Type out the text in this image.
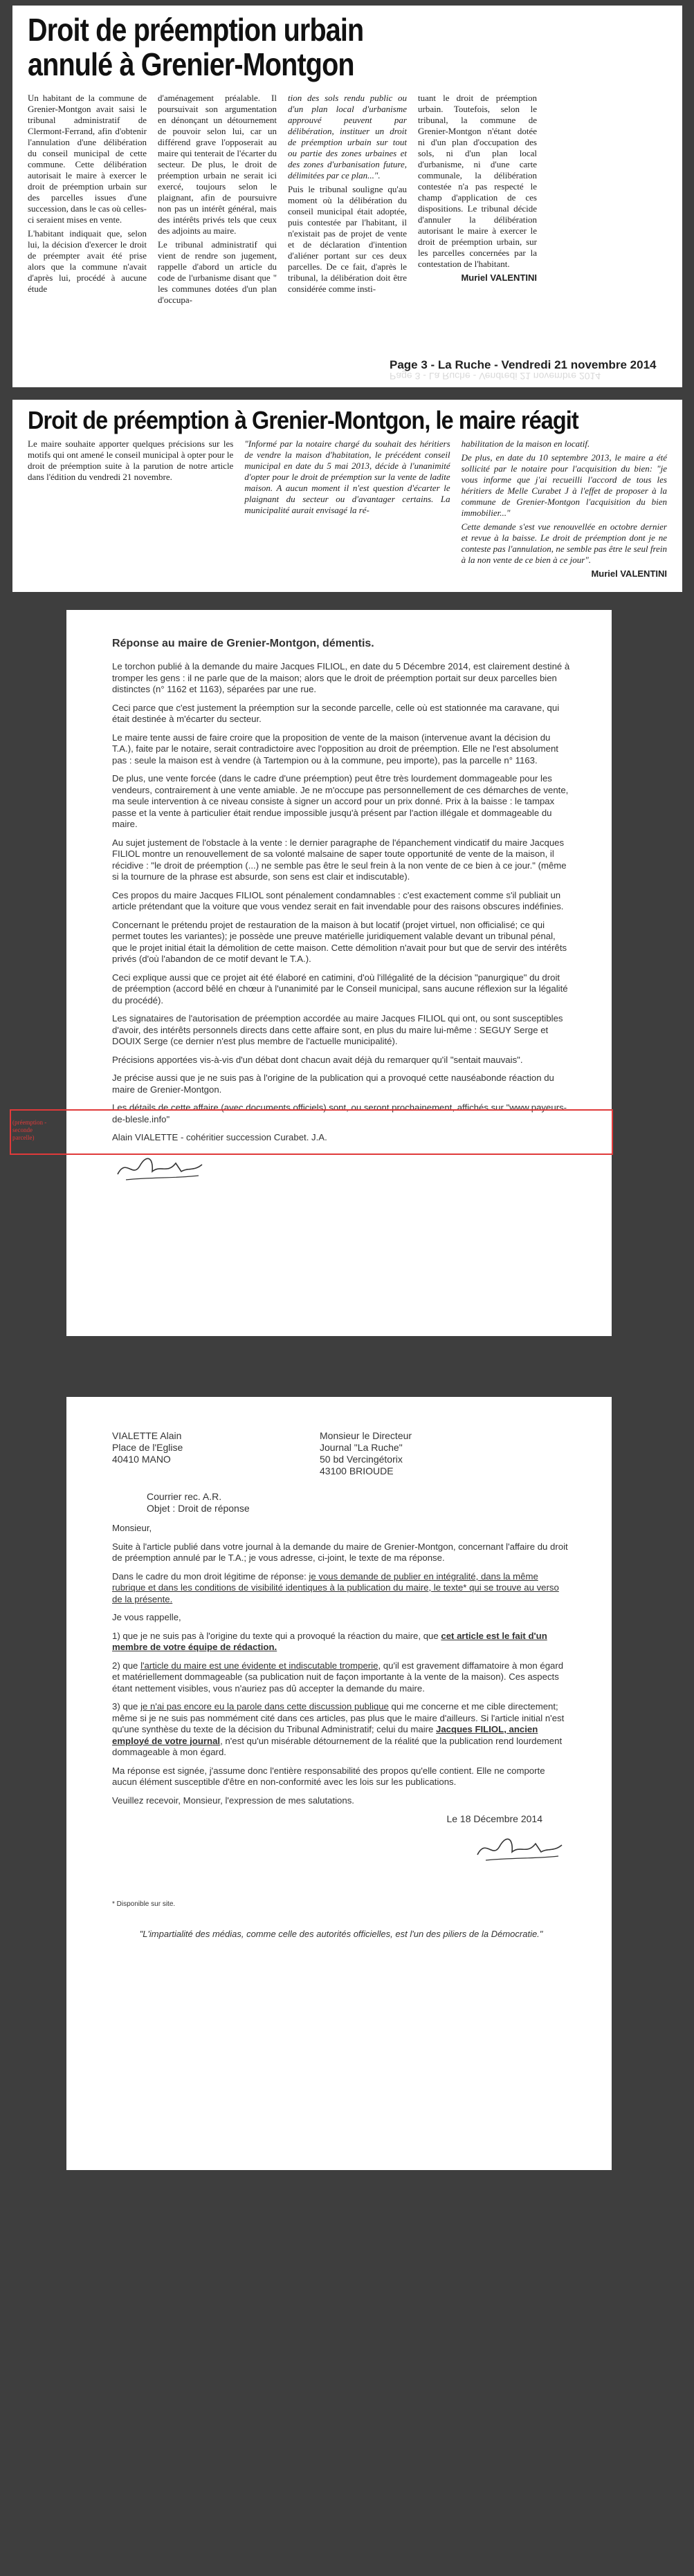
Droit de préemption urbain
annulé à Grenier-Montgon

Un habitant de la commune de Grenier-Montgon avait saisi le tribunal administratif de Clermont-Ferrand, afin d'obtenir l'annulation d'une délibération du conseil municipal de cette commune. Cette délibération autorisait le maire à exercer le droit de préemption urbain sur des parcelles issues d'une succession, dans le cas où celles-ci seraient mises en vente.

L'habitant indiquait que, selon lui, la décision d'exercer le droit de préempter avait été prise alors que la commune n'avait d'après lui, procédé à aucune étude

d'aménagement préalable. Il poursuivait son argumentation en dénonçant un détournement de pouvoir selon lui, car un différend grave l'opposerait au maire qui tenterait de l'écarter du secteur. De plus, le droit de préemption urbain ne serait ici exercé, toujours selon le plaignant, afin de poursuivre non pas un intérêt général, mais des intérêts privés tels que ceux des adjoints au maire.

Le tribunal administratif qui vient de rendre son jugement, rappelle d'abord un article du code de l'urbanisme disant que " les communes dotées d'un plan d'occupa-

tion des sols rendu public ou d'un plan local d'urbanisme approuvé peuvent par délibération, instituer un droit de préemption urbain sur tout ou partie des zones urbaines et des zones d'urbanisation future, délimitées par ce plan...".

Puis le tribunal souligne qu'au moment où la délibération du conseil municipal était adoptée, puis contestée par l'habitant, il n'existait pas de projet de vente et de déclaration d'intention d'aliéner portant sur ces deux parcelles. De ce fait, d'après le tribunal, la délibération doit être considérée comme insti-

tuant le droit de préemption urbain. Toutefois, selon le tribunal, la commune de Grenier-Montgon n'étant dotée ni d'un plan d'occupation des sols, ni d'un plan local d'urbanisme, ni d'une carte communale, la délibération contestée n'a pas respecté le champ d'application de ces dispositions. Le tribunal décide d'annuler la délibération autorisant le maire à exercer le droit de préemption urbain, sur les parcelles concernées par la contestation de l'habitant.

Muriel VALENTINI
Page 3 - La Ruche - Vendredi 21 novembre 2014
Page 3 - La Ruche - Vendredi 21 novembre 2014
Droit de préemption à Grenier-Montgon, le maire réagit

Le maire souhaite apporter quelques précisions sur les motifs qui ont amené le conseil municipal à opter pour le droit de préemption suite à la parution de notre article dans l'édition du vendredi 21 novembre.

"Informé par la notaire chargé du souhait des héritiers de vendre la maison d'habitation, le précédent conseil municipal en date du 5 mai 2013, décide à l'unanimité d'opter pour le droit de préemption sur la vente de ladite maison. A aucun moment il n'est question d'écarter le plaignant du secteur ou d'avantager certains. La municipalité aurait envisagé la ré-

habilitation de la maison en locatif.

De plus, en date du 10 septembre 2013, le maire a été sollicité par le notaire pour l'acquisition du bien: "je vous informe que j'ai recueilli l'accord de tous les héritiers de Melle Curabet J à l'effet de proposer à la commune de Grenier-Montgon l'acquisition du bien immobilier..."

Cette demande s'est vue renouvellée en octobre dernier et revue à la baisse. Le droit de préemption dont je ne conteste pas l'annulation, ne semble pas être le seul frein à la non vente de ce bien à ce jour".

Muriel VALENTINI
Réponse au maire de Grenier-Montgon, démentis.

Le torchon publié à la demande du maire Jacques FILIOL, en date du 5 Décembre 2014, est clairement destiné à tromper les gens : il ne parle que de la maison; alors que le droit de préemption portait sur deux parcelles bien distinctes (n° 1162 et 1163), séparées par une rue.

Ceci parce que c'est justement la préemption sur la seconde parcelle, celle où est stationnée ma caravane, qui était destinée à m'écarter du secteur.

Le maire tente aussi de faire croire que la proposition de vente de la maison (intervenue avant la décision du T.A.), faite par le notaire, serait contradictoire avec l'opposition au droit de préemption. Elle ne l'est absolument pas : seule la maison est à vendre (à Tartempion ou à la commune, peu importe), pas la parcelle n° 1163.

De plus, une vente forcée (dans le cadre d'une préemption) peut être très lourdement dommageable pour les vendeurs, contrairement à une vente amiable. Je ne m'occupe pas personnellement de ces démarches de vente, ma seule intervention à ce niveau consiste à signer un accord pour un prix donné. Prix à la baisse : le tampax passe et la vente à particulier était rendue impossible jusqu'à présent par l'action illégale et dommageable du maire.

Au sujet justement de l'obstacle à la vente : le dernier paragraphe de l'épanchement vindicatif du maire Jacques FILIOL montre un renouvellement de sa volonté malsaine de saper toute opportunité de vente de la maison, il récidive : "le droit de préemption (...) ne semble pas être le seul frein à la non vente de ce bien à ce jour." (même si la tournure de la phrase est absurde, son sens est clair et indiscutable).

Ces propos du maire Jacques FILIOL sont pénalement condamnables : c'est exactement comme s'il publiait un article prétendant que la voiture que vous vendez serait en fait invendable pour des raisons obscures indéfinies.

Concernant le prétendu projet de restauration de la maison à but locatif (projet virtuel, non officialisé; ce qui permet toutes les variantes); je possède une preuve matérielle juridiquement valable devant un tribunal pénal, que le projet initial était la démolition de cette maison. Cette démolition n'avait pour but que de servir des intérêts privés (d'où l'abandon de ce motif devant le T.A.).

Ceci explique aussi que ce projet ait été élaboré en catimini, d'où l'illégalité de la décision "panurgique" du droit de préemption (accord bêlé en chœur à l'unanimité par le Conseil municipal, sans aucune réflexion sur la légalité du procédé).

Les signataires de l'autorisation de préemption accordée au maire Jacques FILIOL qui ont, ou sont susceptibles d'avoir, des intérêts personnels directs dans cette affaire sont, en plus du maire lui-même : SEGUY Serge et DOUIX Serge (ce dernier n'est plus membre de l'actuelle municipalité).

Précisions apportées vis-à-vis d'un débat dont chacun avait déjà du remarquer qu'il "sentait mauvais".

Je précise aussi que je ne suis pas à l'origine de la publication qui a provoqué cette nauséabonde réaction du maire de Grenier-Montgon.

Les détails de cette affaire (avec documents officiels) sont, ou seront prochainement, affichés sur "www.payeurs-de-blesle.info"

Alain VIALETTE - cohéritier succession Curabet. J.A.

(préemption - seconde parcelle)
VIALETTE Alain
Place de l'Eglise
40410 MANO
Monsieur le Directeur
Journal "La Ruche"
50 bd Vercingétorix
43100 BRIOUDE
Courrier rec. A.R.
Objet : Droit de réponse

Monsieur,

Suite à l'article publié dans votre journal à la demande du maire de Grenier-Montgon, concernant l'affaire du droit de préemption annulé par le T.A.; je vous adresse, ci-joint, le texte de ma réponse.

Dans le cadre du mon droit légitime de réponse: je vous demande de publier en intégralité, dans la même rubrique et dans les conditions de visibilité identiques à la publication du maire, le texte* qui se trouve au verso de la présente.

Je vous rappelle,

1) que je ne suis pas à l'origine du texte qui a provoqué la réaction du maire, que cet article est le fait d'un membre de votre équipe de rédaction.

2) que l'article du maire est une évidente et indiscutable tromperie, qu'il est gravement diffamatoire à mon égard et matériellement dommageable (sa publication nuit de façon importante à la vente de la maison). Ces aspects étant nettement visibles, vous n'auriez pas dû accepter la demande du maire.

3) que je n'ai pas encore eu la parole dans cette discussion publique qui me concerne et me cible directement; même si je ne suis pas nommément cité dans ces articles, pas plus que le maire d'ailleurs. Si l'article initial n'est qu'une synthèse du texte de la décision du Tribunal Administratif; celui du maire Jacques FILIOL, ancien employé de votre journal, n'est qu'un misérable détournement de la réalité que la publication rend lourdement dommageable à mon égard.

Ma réponse est signée, j'assume donc l'entière responsabilité des propos qu'elle contient. Elle ne comporte aucun élément susceptible d'être en non-conformité avec les lois sur les publications.

Veuillez recevoir, Monsieur, l'expression de mes salutations.

Le 18 Décembre 2014
* Disponible sur site.
"L'impartialité des médias, comme celle des autorités officielles, est l'un des piliers de la Démocratie."
